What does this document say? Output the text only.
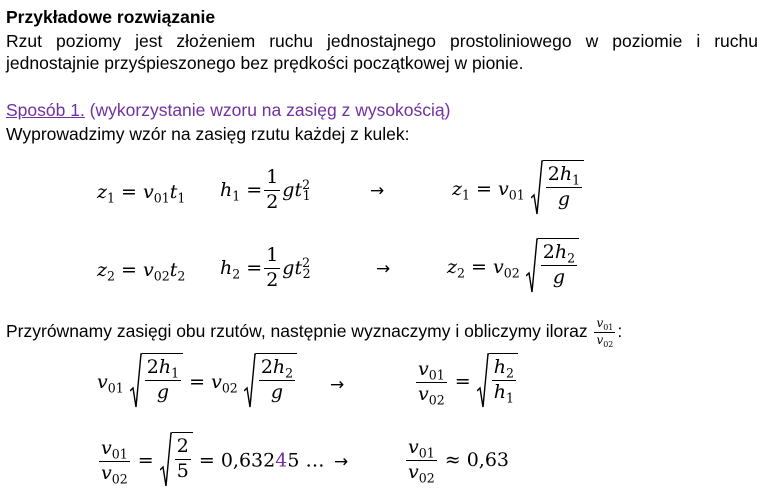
Przykładowe rozwiązanie
Rzut poziomy jest złożeniem ruchu jednostajnego prostoliniowego w poziomie i ruchu
jednostajnie przyśpieszonego bez prędkości początkowej w pionie.
Sposób 1. (wykorzystanie wzoru na zasięg z wysokością)
Wyprowadzimy wzór na zasięg rzutu każdej z kulek:
$z_1 = v_{01}t_1$ $h_1 = \frac{1}{2} gt^2_1$	→	$z_1 = v_{01} \frac{2h_1}{g}$
$z_2 = v_{02}t_2$ $h_2 = \frac{1}{2} gt^2_2$	→	$z_2 = v_{02} \frac{2h_2}{g}$
Przyrównamy zasięgi obu rzutów, następnie wyznaczymy i obliczymy iloraz $\frac{v_{01}}{v_{02}}$ :
$v_{01} \frac{2h_1}{g} = v_{02} \frac{2h_2}{g}$ →	$\frac{v_{01}}{v_{02}} = \frac{h_2}{h_1}$
$\frac{v_{01}}{v_{02}} = \frac{2}{5} = 0,63245$ … →	$\frac{v_{01}}{v_{02}} \approx 0,63$
